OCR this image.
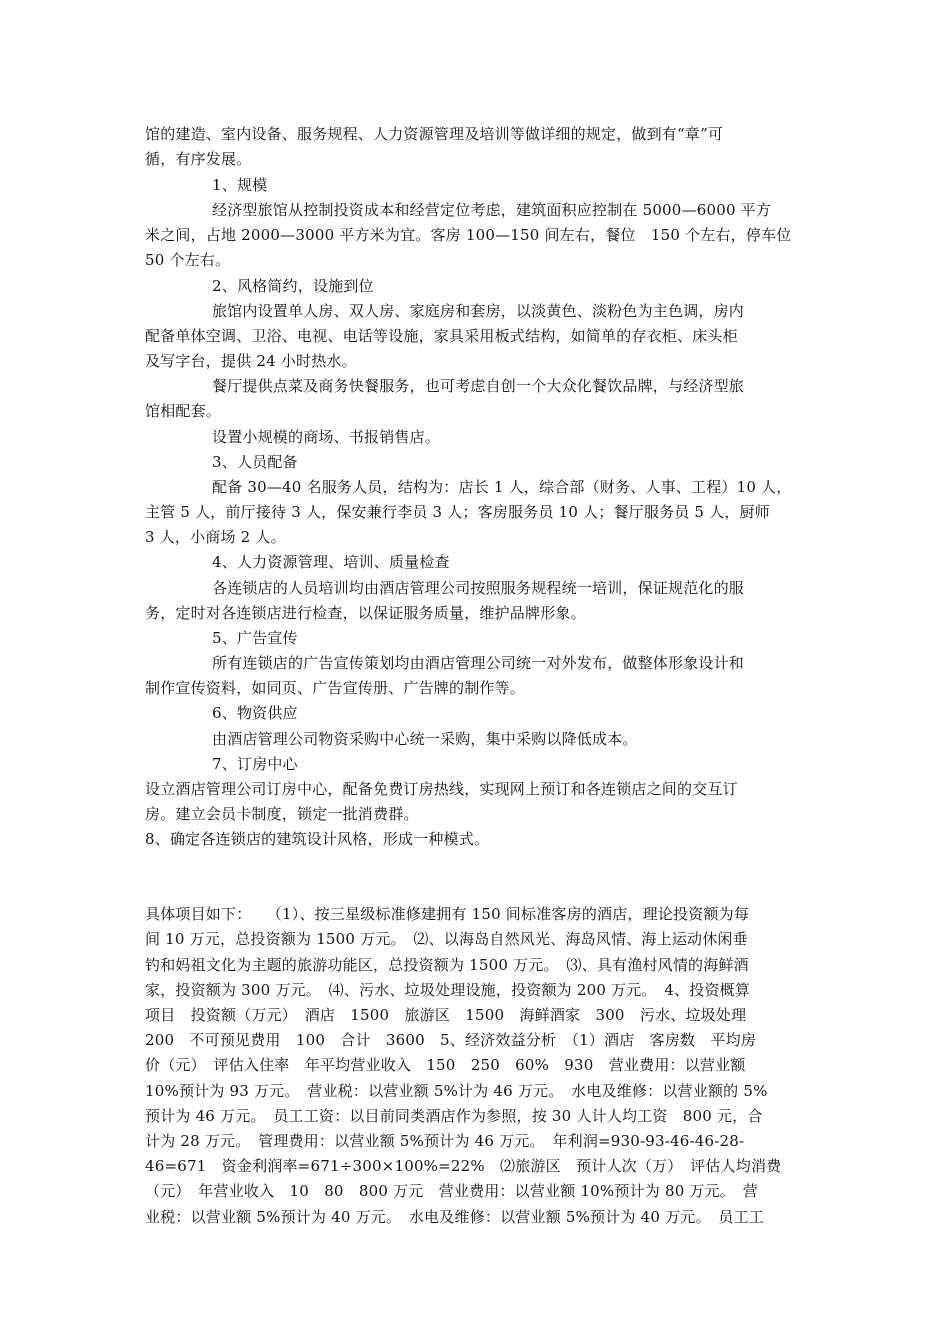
馆的建造、室内设备、服务规程、人力资源管理及培训等做详细的规定，做到有“章”可
循，有序发展。
1、规模
经济型旅馆从控制投资成本和经营定位考虑，建筑面积应控制在 5000—6000 平方
米之间，占地 2000—3000 平方米为宜。客房 100—150 间左右，餐位　150 个左右，停车位
50 个左右。
2、风格简约，设施到位
旅馆内设置单人房、双人房、家庭房和套房，以淡黄色、淡粉色为主色调，房内
配备单体空调、卫浴、电视、电话等设施，家具采用板式结构，如简单的存衣柜、床头柜
及写字台，提供 24 小时热水。
餐厅提供点菜及商务快餐服务，也可考虑自创一个大众化餐饮品牌，与经济型旅
馆相配套。
设置小规模的商场、书报销售店。
3、人员配备
配备 30—40 名服务人员，结构为：店长 1 人，综合部（财务、人事、工程）10 人，
主管 5 人，前厅接待 3 人，保安兼行李员 3 人；客房服务员 10 人；餐厅服务员 5 人，厨师
3 人，小商场 2 人。
4、人力资源管理、培训、质量检查
各连锁店的人员培训均由酒店管理公司按照服务规程统一培训，保证规范化的服
务，定时对各连锁店进行检查，以保证服务质量，维护品牌形象。
5、广告宣传
所有连锁店的广告宣传策划均由酒店管理公司统一对外发布，做整体形象设计和
制作宣传资料，如同页、广告宣传册、广告牌的制作等。
6、物资供应
由酒店管理公司物资采购中心统一采购，集中采购以降低成本。
7、订房中心
设立酒店管理公司订房中心，配备免费订房热线，实现网上预订和各连锁店之间的交互订
房。建立会员卡制度，锁定一批消费群。
8、确定各连锁店的建筑设计风格，形成一种模式。
具体项目如下：　　（1）、按三星级标准修建拥有 150 间标准客房的酒店，理论投资额为每
间 10 万元，总投资额为 1500 万元。　⑵、以海岛自然风光、海岛风情、海上运动休闲垂
钓和妈祖文化为主题的旅游功能区，总投资额为 1500 万元。　⑶、具有渔村风情的海鲜酒
家，投资额为 300 万元。　⑷、污水、垃圾处理设施，投资额为 200 万元。　4、投资概算
项目　投资额（万元）　酒店　1500　旅游区　1500　海鲜酒家　300　污水、垃圾处理
200　不可预见费用　100　合计　3600　5、经济效益分析　（1）酒店　客房数　平均房
价（元）　评估入住率　年平均营业收入　150　250　60%　930　营业费用：以营业额
10%预计为 93 万元。　营业税：以营业额 5%计为 46 万元。　水电及维修：以营业额的 5%
预计为 46 万元。　员工工资：以目前同类酒店作为参照，按 30 人计人均工资　800 元，合
计为 28 万元。　管理费用：以营业额 5%预计为 46 万元。　年利润=930-93-46-46-28-
46=671　资金利润率=671÷300×100%=22%　⑵旅游区　预计人次（万）　评估人均消费
（元）　年营业收入　10　80　800 万元　营业费用：以营业额 10%预计为 80 万元。　营
业税：以营业额 5%预计为 40 万元。　水电及维修：以营业额 5%预计为 40 万元。　员工工
